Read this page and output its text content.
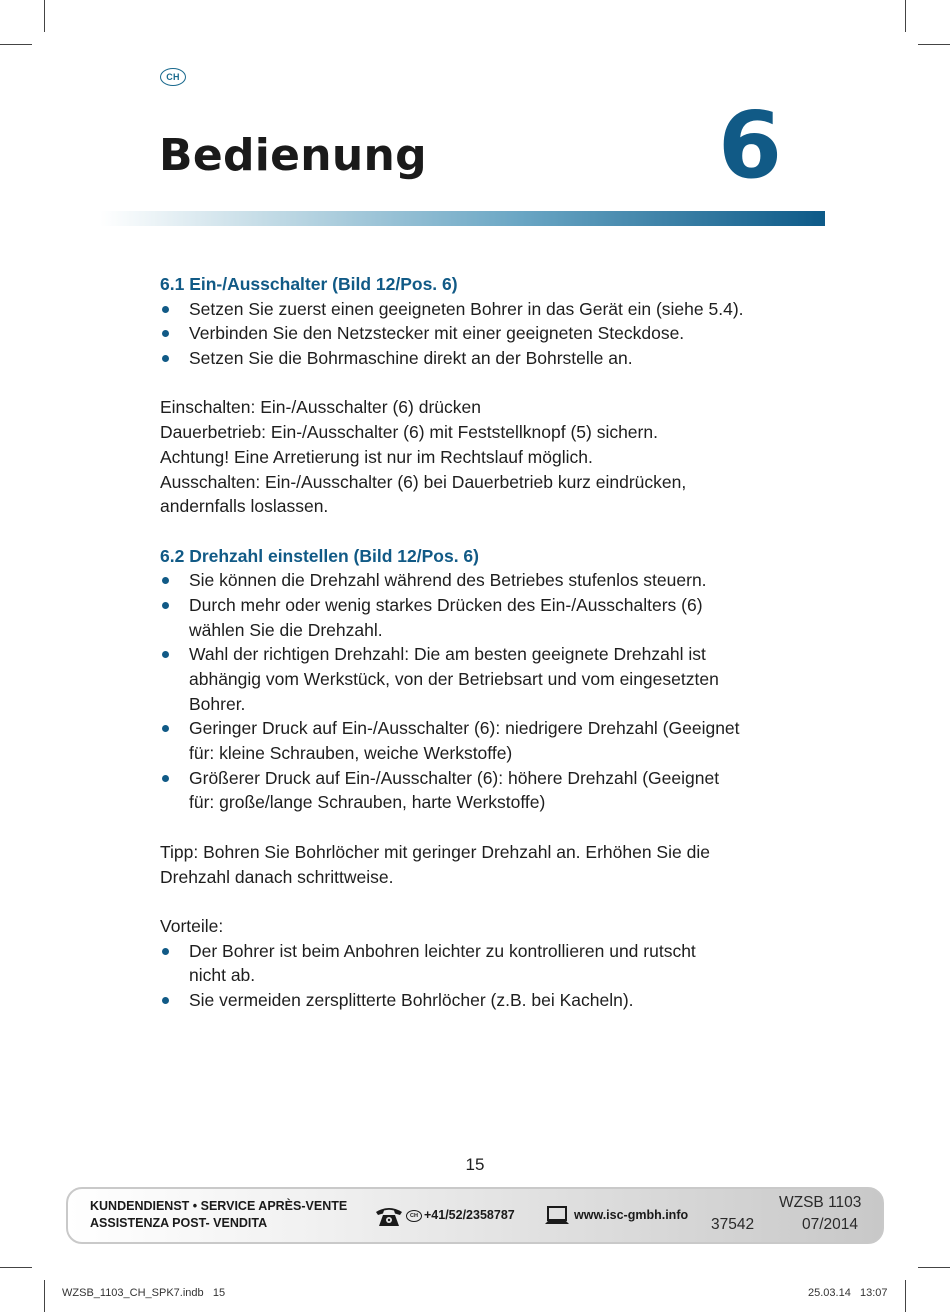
CH
Bedienung	6
6.1 Ein-/Ausschalter (Bild 12/Pos. 6)
Setzen Sie zuerst einen geeigneten Bohrer in das Gerät ein (siehe 5.4).
Verbinden Sie den Netzstecker mit einer geeigneten Steckdose.
Setzen Sie die Bohrmaschine direkt an der Bohrstelle an.
Einschalten: Ein-/Ausschalter (6) drücken
Dauerbetrieb: Ein-/Ausschalter (6) mit Feststellknopf (5) sichern.
Achtung! Eine Arretierung ist nur im Rechtslauf möglich.
Ausschalten: Ein-/Ausschalter (6) bei Dauerbetrieb kurz eindrücken,
andernfalls loslassen.
6.2 Drehzahl einstellen (Bild 12/Pos. 6)
Sie können die Drehzahl während des Betriebes stufenlos steuern.
Durch mehr oder wenig starkes Drücken des Ein-/Ausschalters (6)
wählen Sie die Drehzahl.
Wahl der richtigen Drehzahl: Die am besten geeignete Drehzahl ist
abhängig vom Werkstück, von der Betriebsart und vom eingesetzten
Bohrer.
Geringer Druck auf Ein-/Ausschalter (6): niedrigere Drehzahl (Geeignet
für: kleine Schrauben, weiche Werkstoffe)
Größerer Druck auf Ein-/Ausschalter (6): höhere Drehzahl (Geeignet
für: große/lange Schrauben, harte Werkstoffe)
Tipp: Bohren Sie Bohrlöcher mit geringer Drehzahl an. Erhöhen Sie die
Drehzahl danach schrittweise.
Vorteile:
Der Bohrer ist beim Anbohren leichter zu kontrollieren und rutscht
nicht ab.
Sie vermeiden zersplitterte Bohrlöcher (z.B. bei Kacheln).
15
KUNDENDIENST • SERVICE APRÈS-VENTE
ASSISTENZA POST- VENDITA	CH +41/52/2358787	www.isc-gmbh.info
WZSB 1103
37542	07/2014
WZSB_1103_CH_SPK7.indb   15	25.03.14   13:07
